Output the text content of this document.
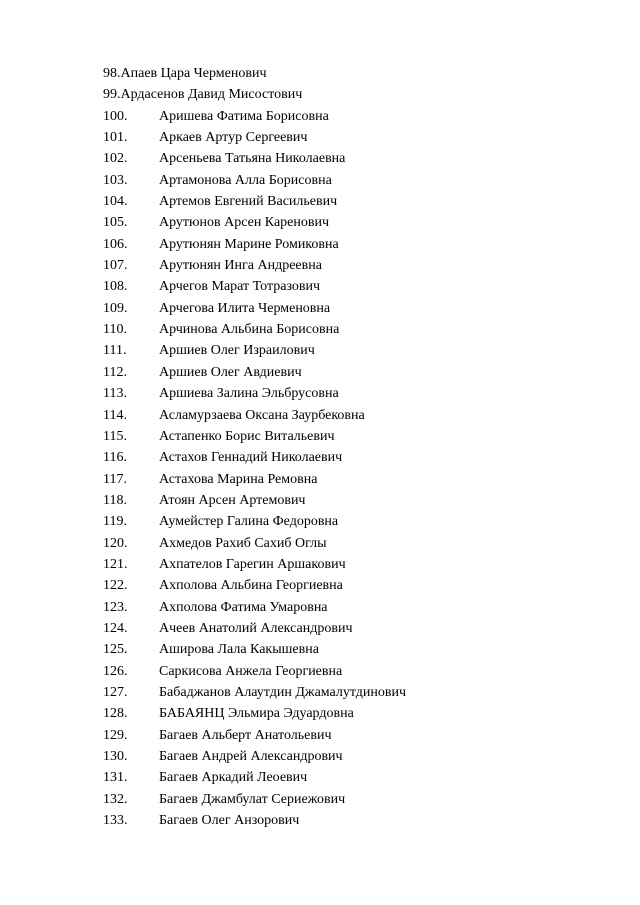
98.Апаев Цара Черменович
99.Ардасенов Давид Мисостович
100. Аришева Фатима Борисовна
101. Аркаев Артур Сергеевич
102. Арсеньева Татьяна Николаевна
103. Артамонова Алла Борисовна
104. Артемов Евгений Васильевич
105. Арутюнов Арсен Каренович
106. Арутюнян Марине Ромиковна
107. Арутюнян Инга Андреевна
108. Арчегов Марат Тотразович
109. Арчегова Илита Черменовна
110. Арчинова Альбина Борисовна
111. Аршиев Олег Израилович
112. Аршиев Олег Авдиевич
113. Аршиева Залина Эльбрусовна
114. Асламурзаева Оксана Заурбековна
115. Астапенко Борис Витальевич
116. Астахов Геннадий Николаевич
117. Астахова Марина Ремовна
118. Атоян Арсен Артемович
119. Аумейстер Галина Федоровна
120. Ахмедов Рахиб Сахиб Оглы
121. Ахпателов Гарегин Аршакович
122. Ахполова Альбина Георгиевна
123. Ахполова Фатима Умаровна
124. Ачеев Анатолий Александрович
125. Аширова Лала Какышевна
126. Саркисова Анжела Георгиевна
127. Бабаджанов Алаутдин Джамалутдинович
128. БАБАЯНЦ Эльмира Эдуардовна
129. Багаев Альберт Анатольевич
130. Багаев Андрей Александрович
131. Багаев Аркадий Леоевич
132. Багаев Джамбулат Сериежович
133. Багаев Олег Анзорович
